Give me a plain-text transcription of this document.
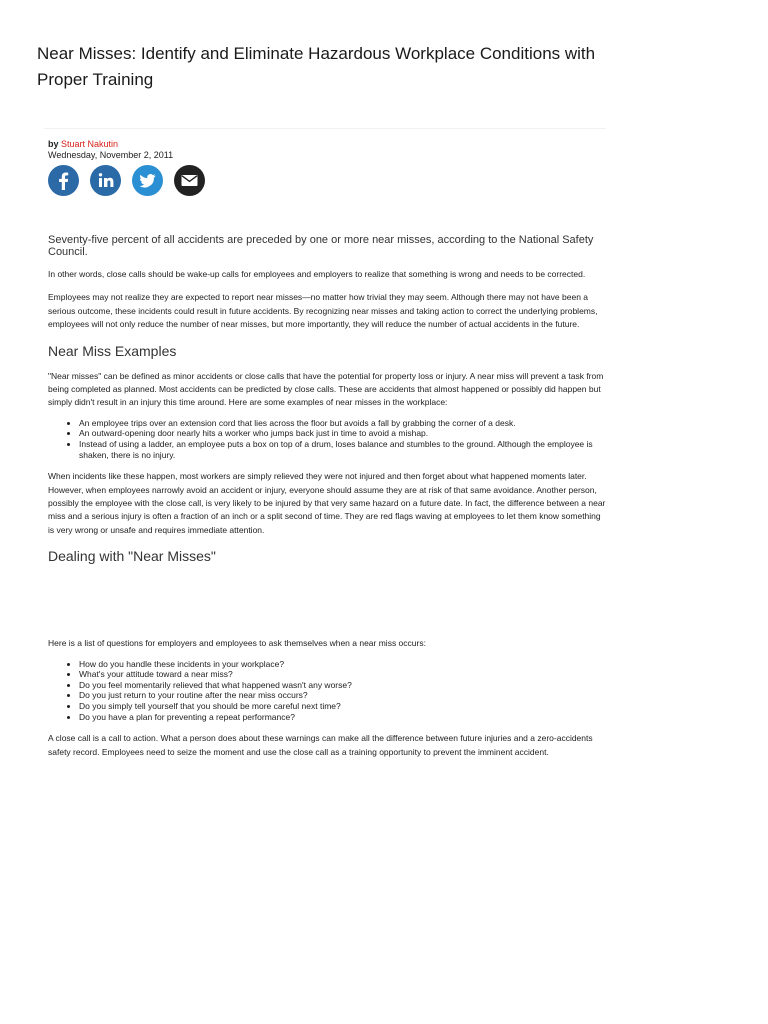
Near Misses: Identify and Eliminate Hazardous Workplace Conditions with Proper Training
by Stuart Nakutin
Wednesday, November 2, 2011

Seventy-five percent of all accidents are preceded by one or more near misses, according to the National Safety Council.

In other words, close calls should be wake-up calls for employees and employers to realize that something is wrong and needs to be corrected.

Employees may not realize they are expected to report near misses—no matter how trivial they may seem. Although there may not have been a serious outcome, these incidents could result in future accidents. By recognizing near misses and taking action to correct the underlying problems, employees will not only reduce the number of near misses, but more importantly, they will reduce the number of actual accidents in the future.

Near Miss Examples

"Near misses" can be defined as minor accidents or close calls that have the potential for property loss or injury. A near miss will prevent a task from being completed as planned. Most accidents can be predicted by close calls. These are accidents that almost happened or possibly did happen but simply didn't result in an injury this time around. Here are some examples of near misses in the workplace:

• An employee trips over an extension cord that lies across the floor but avoids a fall by grabbing the corner of a desk.
• An outward-opening door nearly hits a worker who jumps back just in time to avoid a mishap.
• Instead of using a ladder, an employee puts a box on top of a drum, loses balance and stumbles to the ground. Although the employee is shaken, there is no injury.

When incidents like these happen, most workers are simply relieved they were not injured and then forget about what happened moments later. However, when employees narrowly avoid an accident or injury, everyone should assume they are at risk of that same avoidance. Another person, possibly the employee with the close call, is very likely to be injured by that very same hazard on a future date. In fact, the difference between a near miss and a serious injury is often a fraction of an inch or a split second of time. They are red flags waving at employees to let them know something is very wrong or unsafe and requires immediate attention.

Dealing with "Near Misses"

Here is a list of questions for employers and employees to ask themselves when a near miss occurs:

• How do you handle these incidents in your workplace?
• What's your attitude toward a near miss?
• Do you feel momentarily relieved that what happened wasn't any worse?
• Do you just return to your routine after the near miss occurs?
• Do you simply tell yourself that you should be more careful next time?
• Do you have a plan for preventing a repeat performance?

A close call is a call to action. What a person does about these warnings can make all the difference between future injuries and a zero-accidents safety record. Employees need to seize the moment and use the close call as a training opportunity to prevent the imminent accident.
